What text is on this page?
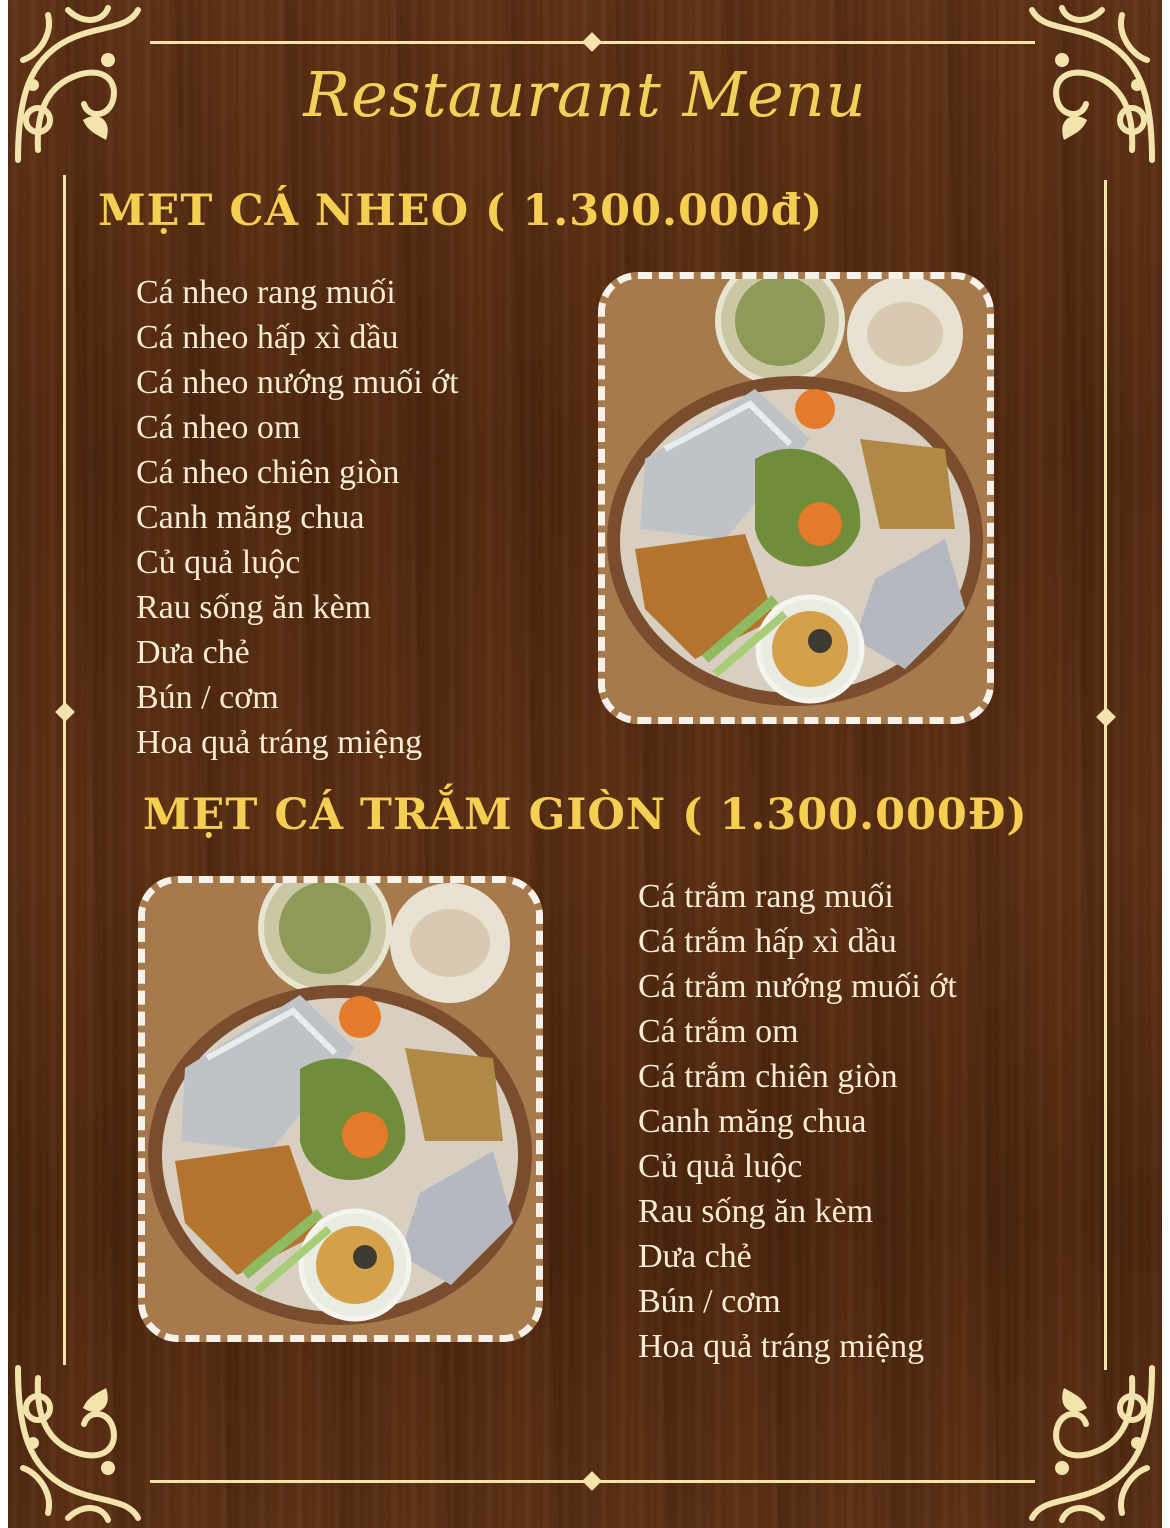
Restaurant Menu
MẸT CÁ NHEO ( 1.300.000đ)
Cá nheo rang muối
Cá nheo hấp xì dầu
Cá nheo nướng muối ớt
Cá nheo om
Cá nheo chiên giòn
Canh măng chua
Củ quả luộc
Rau sống ăn kèm
Dưa chẻ
Bún / cơm
Hoa quả tráng miệng
MẸT CÁ TRẮM GIÒN ( 1.300.000Đ)
Cá trắm rang muối
Cá trắm hấp xì dầu
Cá trắm nướng muối ớt
Cá trắm om
Cá trắm chiên giòn
Canh măng chua
Củ quả luộc
Rau sống ăn kèm
Dưa chẻ
Bún / cơm
Hoa quả tráng miệng
